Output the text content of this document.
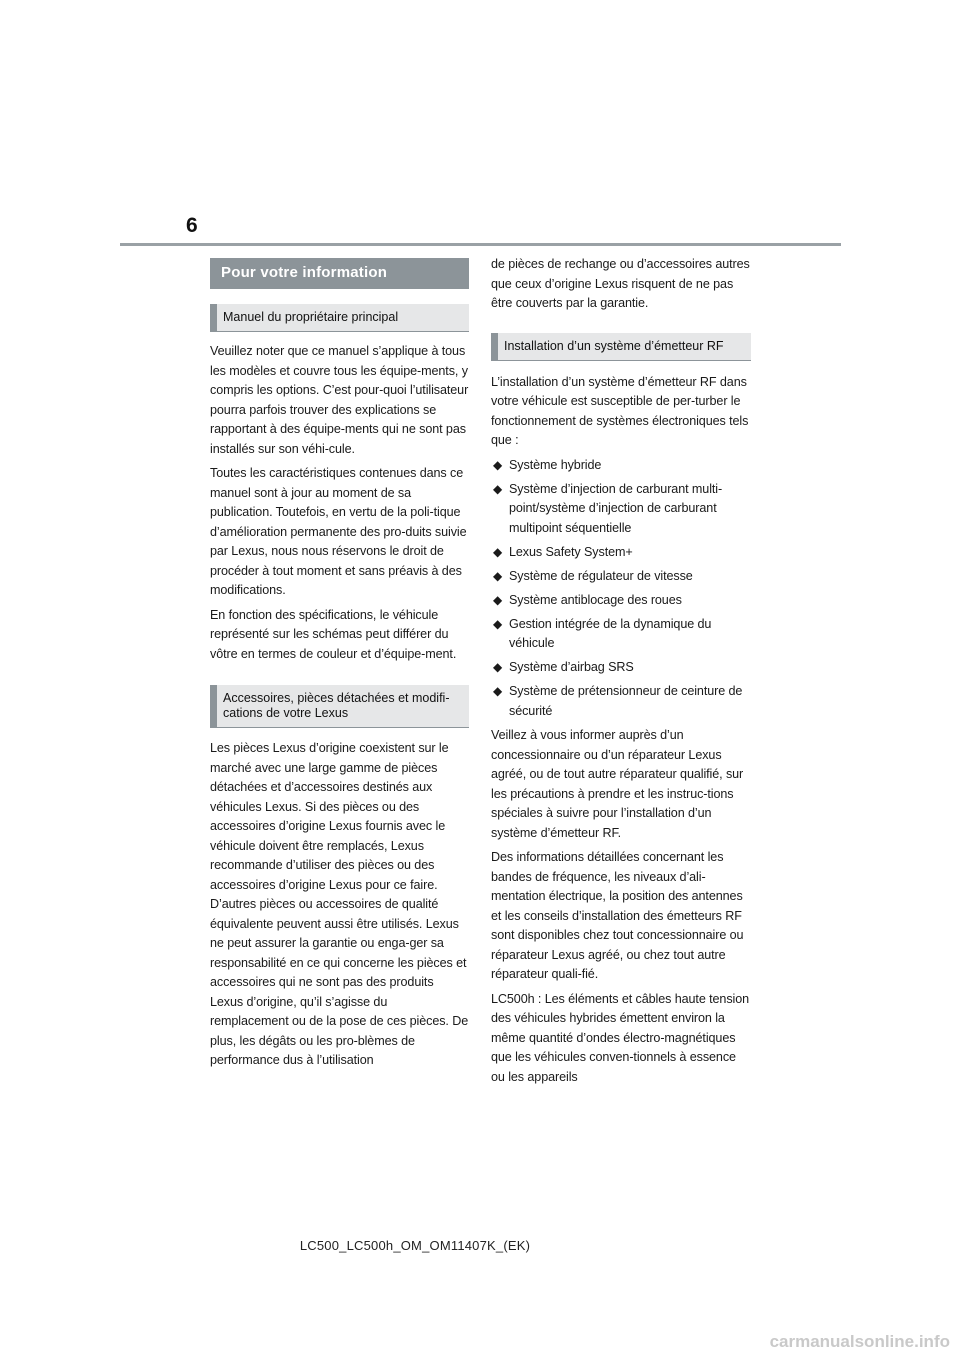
6
Pour votre information
Manuel du propriétaire principal

Veuillez noter que ce manuel s’applique à tous les modèles et couvre tous les équipe-ments, y compris les options. C’est pour-quoi l’utilisateur pourra parfois trouver des explications se rapportant à des équipe-ments qui ne sont pas installés sur son véhi-cule.

Toutes les caractéristiques contenues dans ce manuel sont à jour au moment de sa publication. Toutefois, en vertu de la poli-tique d’amélioration permanente des pro-duits suivie par Lexus, nous nous réservons le droit de procéder à tout moment et sans préavis à des modifications.

En fonction des spécifications, le véhicule représenté sur les schémas peut différer du vôtre en termes de couleur et d’équipe-ment.

Accessoires, pièces détachées et modifi-cations de votre Lexus

Les pièces Lexus d’origine coexistent sur le marché avec une large gamme de pièces détachées et d’accessoires destinés aux véhicules Lexus. Si des pièces ou des accessoires d’origine Lexus fournis avec le véhicule doivent être remplacés, Lexus recommande d’utiliser des pièces ou des accessoires d’origine Lexus pour ce faire. D’autres pièces ou accessoires de qualité équivalente peuvent aussi être utilisés. Lexus ne peut assurer la garantie ou enga-ger sa responsabilité en ce qui concerne les pièces et accessoires qui ne sont pas des produits Lexus d’origine, qu’il s’agisse du remplacement ou de la pose de ces pièces. De plus, les dégâts ou les pro-blèmes de performance dus à l’utilisation

de pièces de rechange ou d’accessoires autres que ceux d’origine Lexus risquent de ne pas être couverts par la garantie.

Installation d’un système d’émetteur RF

L’installation d’un système d’émetteur RF dans votre véhicule est susceptible de per-turber le fonctionnement de systèmes électroniques tels que :

◆ Système hybride
◆ Système d’injection de carburant multi-point/système d’injection de carburant multipoint séquentielle
◆ Lexus Safety System+
◆ Système de régulateur de vitesse
◆ Système antiblocage des roues
◆ Gestion intégrée de la dynamique du véhicule
◆ Système d’airbag SRS
◆ Système de prétensionneur de ceinture de sécurité

Veillez à vous informer auprès d’un concessionnaire ou d’un réparateur Lexus agréé, ou de tout autre réparateur qualifié, sur les précautions à prendre et les instruc-tions spéciales à suivre pour l’installation d’un système d’émetteur RF.

Des informations détaillées concernant les bandes de fréquence, les niveaux d’ali-mentation électrique, la position des antennes et les conseils d’installation des émetteurs RF sont disponibles chez tout concessionnaire ou réparateur Lexus agréé, ou chez tout autre réparateur quali-fié.

LC500h : Les éléments et câbles haute tension des véhicules hybrides émettent environ la même quantité d’ondes électro-magnétiques que les véhicules conven-tionnels à essence ou les appareils

LC500_LC500h_OM_OM11407K_(EK)
carmanualsonline.info
